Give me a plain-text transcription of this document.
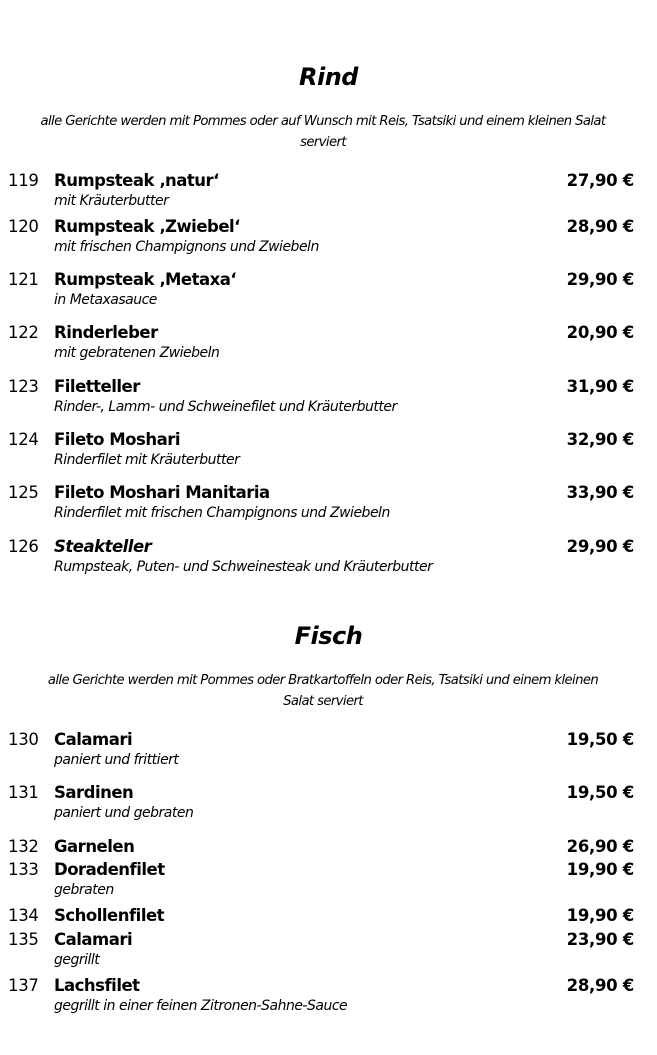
Rind
alle Gerichte werden mit Pommes oder auf Wunsch mit Reis, Tsatsiki und einem kleinen Salat
serviert
119 Rumpsteak ‚natur‘	27,90 €
mit Kräuterbutter
120 Rumpsteak ‚Zwiebel‘	28,90 €
mit frischen Champignons und Zwiebeln
121 Rumpsteak ‚Metaxa‘	29,90 €
in Metaxasauce
122 Rinderleber	20,90 €
mit gebratenen Zwiebeln
123 Filetteller	31,90 €
Rinder-, Lamm- und Schweinefilet und Kräuterbutter
124 Fileto Moshari	32,90 €
Rinderfilet mit Kräuterbutter
125 Fileto Moshari Manitaria	33,90 €
Rinderfilet mit frischen Champignons und Zwiebeln
126 Steakteller	29,90 €
Rumpsteak, Puten- und Schweinesteak und Kräuterbutter
Fisch
alle Gerichte werden mit Pommes oder Bratkartoffeln oder Reis, Tsatsiki und einem kleinen
Salat serviert
130 Calamari	19,50 €
paniert und frittiert
131 Sardinen	19,50 €
paniert und gebraten
132 Garnelen	26,90 €
133 Doradenfilet	19,90 €
gebraten
134 Schollenfilet	19,90 €
135 Calamari	23,90 €
gegrillt
137 Lachsfilet	28,90 €
gegrillt in einer feinen Zitronen-Sahne-Sauce
